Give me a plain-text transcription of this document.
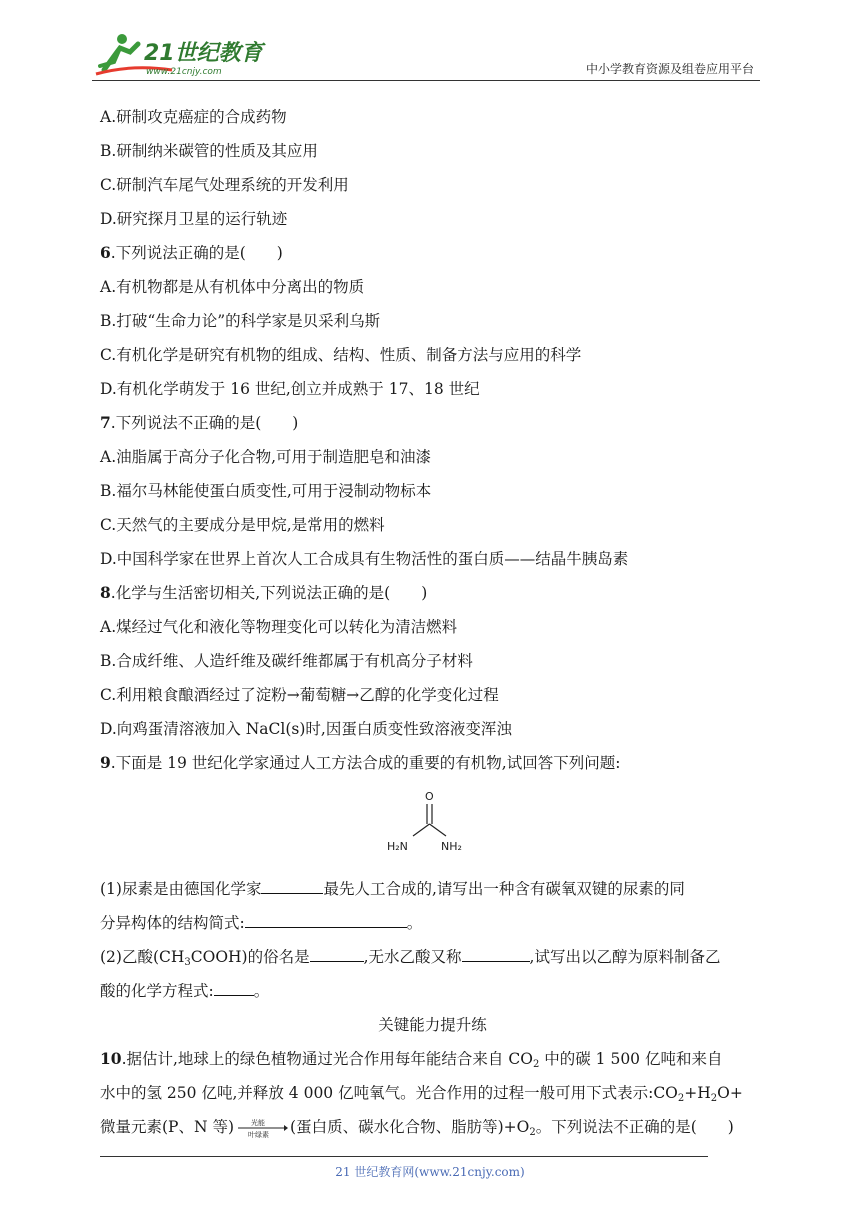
21世纪教育
www.21cnjy.com	中小学教育资源及组卷应用平台
A.研制攻克癌症的合成药物
B.研制纳米碳管的性质及其应用
C.研制汽车尾气处理系统的开发利用
D.研究探月卫星的运行轨迹
6.下列说法正确的是(　　)
A.有机物都是从有机体中分离出的物质
B.打破“生命力论”的科学家是贝采利乌斯
C.有机化学是研究有机物的组成、结构、性质、制备方法与应用的科学
D.有机化学萌发于 16 世纪,创立并成熟于 17、18 世纪
7.下列说法不正确的是(　　)
A.油脂属于高分子化合物,可用于制造肥皂和油漆
B.福尔马林能使蛋白质变性,可用于浸制动物标本
C.天然气的主要成分是甲烷,是常用的燃料
D.中国科学家在世界上首次人工合成具有生物活性的蛋白质——结晶牛胰岛素
8.化学与生活密切相关,下列说法正确的是(　　)
A.煤经过气化和液化等物理变化可以转化为清洁燃料
B.合成纤维、人造纤维及碳纤维都属于有机高分子材料
C.利用粮食酿酒经过了淀粉→葡萄糖→乙醇的化学变化过程
D.向鸡蛋清溶液加入 NaCl(s)时,因蛋白质变性致溶液变浑浊
9.下面是 19 世纪化学家通过人工方法合成的重要的有机物,试回答下列问题:
O
H₂N	NH₂
(1)尿素是由德国化学家	最先人工合成的,请写出一种含有碳氧双键的尿素的同
分异构体的结构简式:	。
(2)乙酸$(CH_3COOH)$的俗名是	,无水乙酸又称	,试写出以乙醇为原料制备乙
酸的化学方程式:	。
关键能力提升练
10.据估计,地球上的绿色植物通过光合作用每年能结合来自 $CO_2$ 中的碳 1 500 亿吨和来自
水中的氢 250 亿吨,并释放 4 000 亿吨氧气。光合作用的过程一般可用下式表示$:CO_2+H_2O+$
微量元素(P、N 等) 光能
叶绿素 (蛋白质、碳水化合物、脂肪等)$+O_2$。下列说法不正确的是(　　)
21 世纪教育网(www.21cnjy.com)
